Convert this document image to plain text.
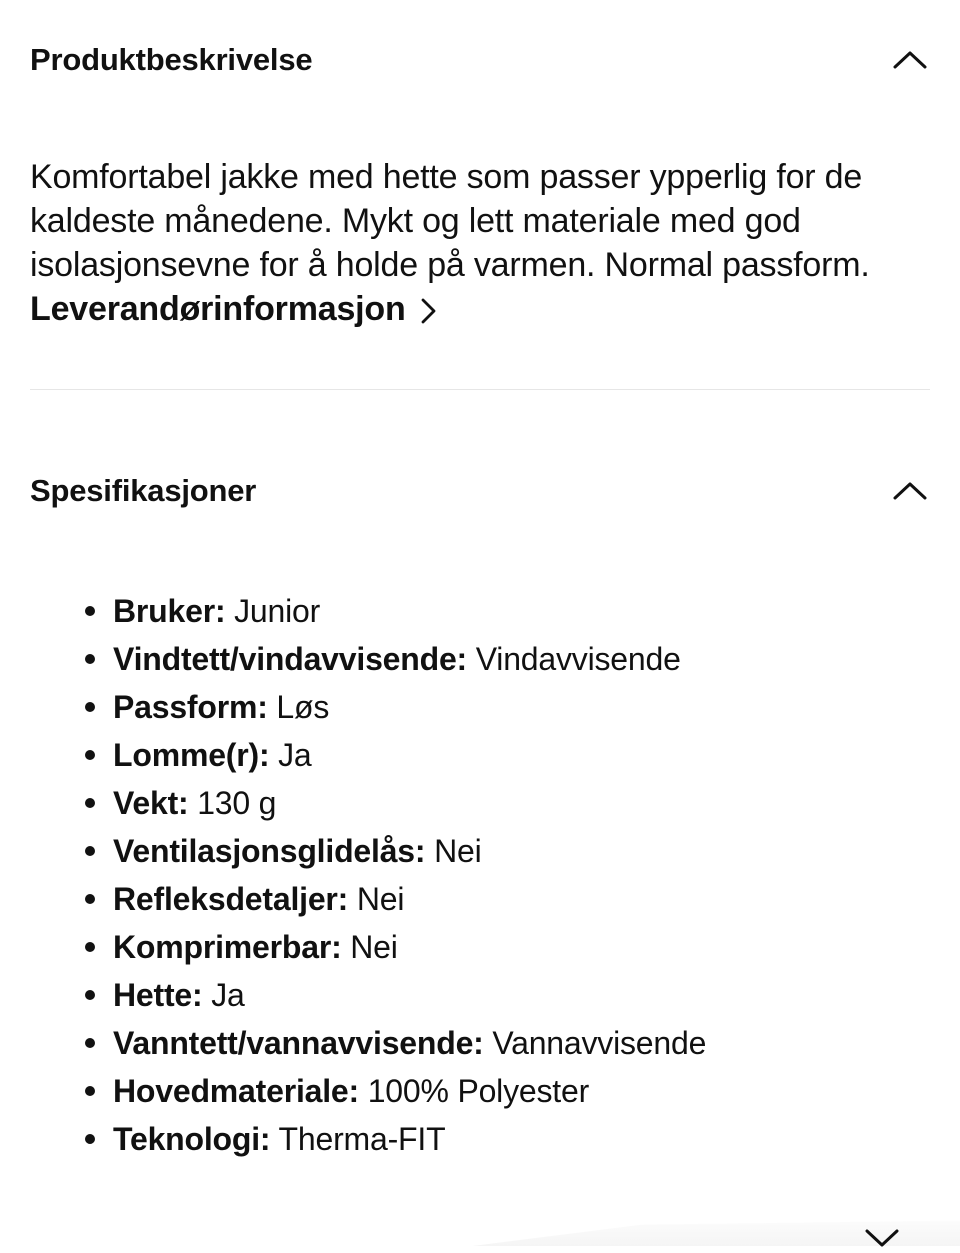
Produktbeskrivelse

Komfortabel jakke med hette som passer ypperlig for de kaldeste månedene. Mykt og lett materiale med god isolasjonsevne for å holde på varmen. Normal passform.

Leverandørinformasjon
Spesifikasjoner
Bruker: Junior
Vindtett/vindavvisende: Vindavvisende
Passform: Løs
Lomme(r): Ja
Vekt: 130 g
Ventilasjonsglidelås: Nei
Refleksdetaljer: Nei
Komprimerbar: Nei
Hette: Ja
Vanntett/vannavvisende: Vannavvisende
Hovedmateriale: 100% Polyester
Teknologi: Therma-FIT
